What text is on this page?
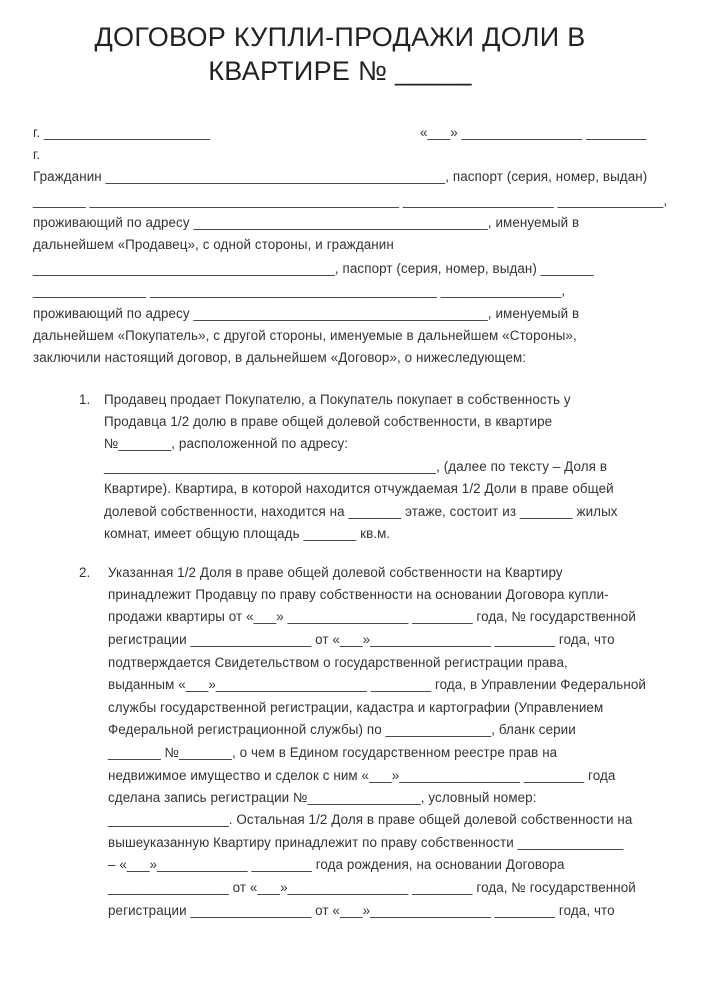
ДОГОВОР КУПЛИ-ПРОДАЖИ ДОЛИ В
КВАРТИРЕ № _____
г. ______________________	«___» ________________ ________
г.
Гражданин _____________________________________________, паспорт (серия, номер, выдан)
_______ _________________________________________ ____________________ ______________,
проживающий по адресу _______________________________________, именуемый в
дальнейшем «Продавец», с одной стороны, и гражданин
________________________________________, паспорт (серия, номер, выдан) _______
_______________ ______________________________________ ________________,
проживающий по адресу _______________________________________, именуемый в
дальнейшем «Покупатель», с другой стороны, именуемые в дальнейшем «Стороны»,
заключили настоящий договор, в дальнейшем «Договор», о нижеследующем:
1. Продавец продает Покупателю, а Покупатель покупает в собственность у
Продавца 1/2 долю в праве общей долевой собственности, в квартире
№_______, расположенной по адресу:
____________________________________________, (далее по тексту – Доля в
Квартире). Квартира, в которой находится отчуждаемая 1/2 Доли в праве общей
долевой собственности, находится на _______ этаже, состоит из _______ жилых
комнат, имеет общую площадь _______ кв.м.
2. Указанная 1/2 Доля в праве общей долевой собственности на Квартиру
принадлежит Продавцу по праву собственности на основании Договора купли-
продажи квартиры от «___» ________________ ________ года, № государственной
регистрации ________________ от «___»________________ ________ года, что
подтверждается Свидетельством о государственной регистрации права,
выданным «___»____________________ ________ года, в Управлении Федеральной
службы государственной регистрации, кадастра и картографии (Управлением
Федеральной регистрационной службы) по ______________, бланк серии
_______ №_______, о чем в Едином государственном реестре прав на
недвижимое имущество и сделок с ним «___»________________ ________ года
сделана запись регистрации №_______________, условный номер:
________________. Остальная 1/2 Доля в праве общей долевой собственности на
вышеуказанную Квартиру принадлежит по праву собственности ______________
– «___»____________ ________ года рождения, на основании Договора
________________ от «___»________________ ________ года, № государственной
регистрации ________________ от «___»________________ ________ года, что
